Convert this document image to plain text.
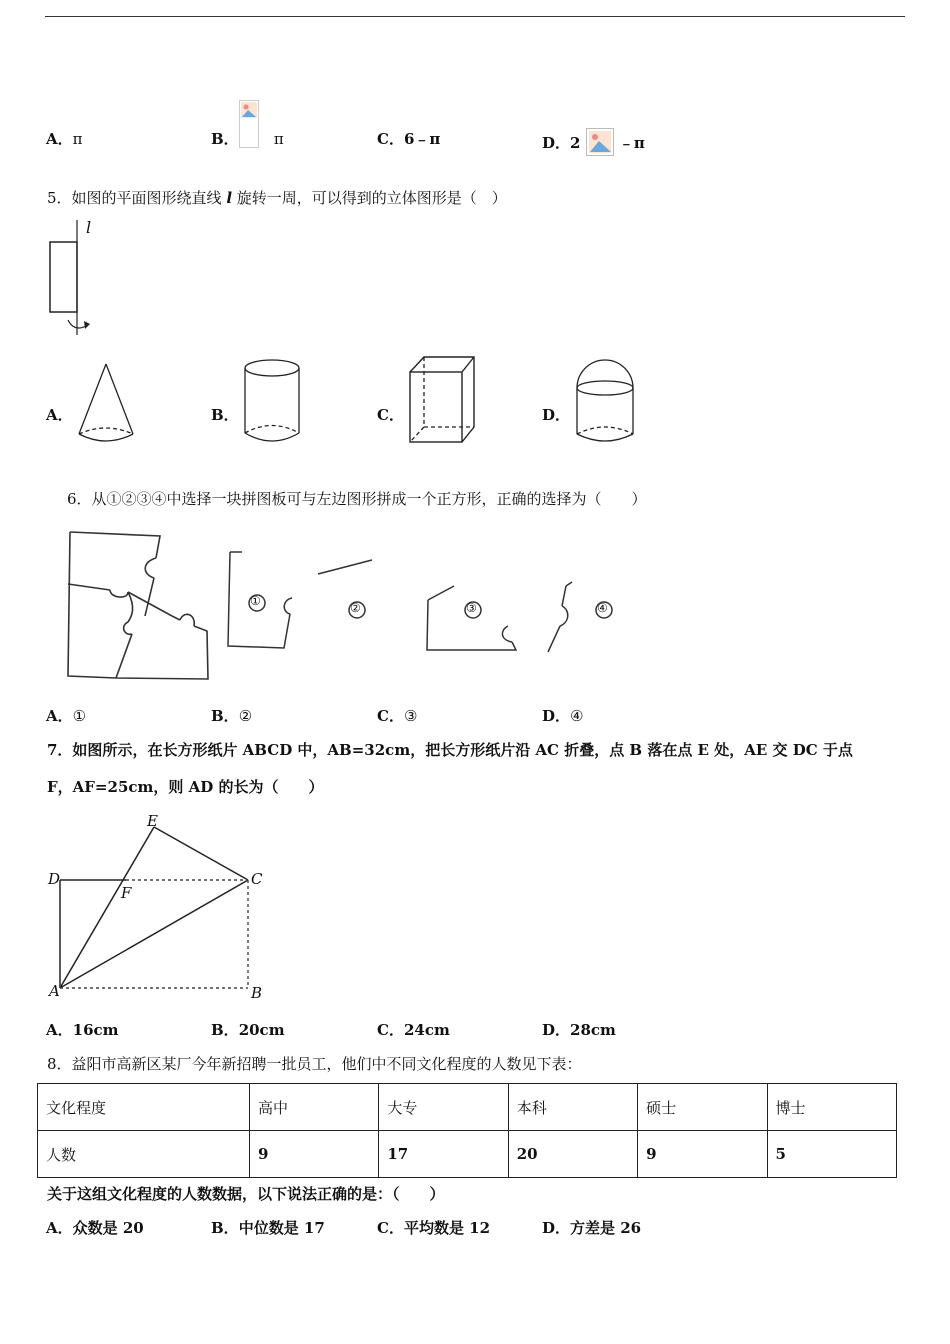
A．π	B． π	C．6﹣π	D．2	﹣π
5．如图的平面图形绕直线 l 旋转一周，可以得到的立体图形是（　）
l
A．	B．	C．	D．
6．从①②③④中选择一块拼图板可与左边图形拼成一个正方形，正确的选择为（　　）
①	②	③	④
A．①	B．②	C．③	D．④
7．如图所示，在长方形纸片 ABCD 中，AB=32cm，把长方形纸片沿 AC 折叠，点 B 落在点 E 处，AE 交 DC 于点
F，AF=25cm，则 AD 的长为（　　）
D
E
F
C
A	B
A．16cm	B．20cm	C．24cm	D．28cm
8．益阳市高新区某厂今年新招聘一批员工，他们中不同文化程度的人数见下表：
文化程度	高中	大专	本科	硕士	博士
人数	9	17	20	9	5
关于这组文化程度的人数数据，以下说法正确的是：（　　）
A．众数是 20	B．中位数是 17	C．平均数是 12	D．方差是 26
